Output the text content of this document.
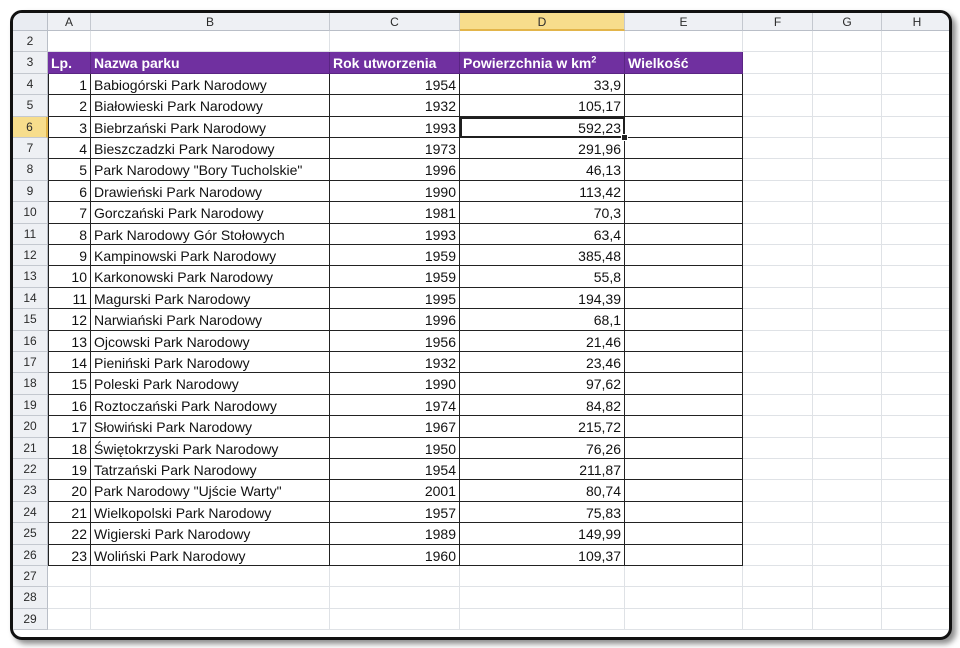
A	B	C	D	E	F	G	H
2
3	Lp.	Nazwa parku	Rok utworzenia	Powierzchnia w $km^2$	Wielkość
4	1 Babiogórski Park Narodowy	1954	33,9
5	2 Białowieski Park Narodowy	1932	105,17
6	3 Biebrzański Park Narodowy	1993	592,23
7	4 Bieszczadzki Park Narodowy	1973	291,96
8	5 Park Narodowy "Bory Tucholskie"	1996	46,13
9	6 Drawieński Park Narodowy	1990	113,42
10	7 Gorczański Park Narodowy	1981	70,3
11	8 Park Narodowy Gór Stołowych	1993	63,4
12	9 Kampinowski Park Narodowy	1959	385,48
13	10 Karkonowski Park Narodowy	1959	55,8
14	11 Magurski Park Narodowy	1995	194,39
15	12 Narwiański Park Narodowy	1996	68,1
16	13 Ojcowski Park Narodowy	1956	21,46
17	14 Pieniński Park Narodowy	1932	23,46
18	15 Poleski Park Narodowy	1990	97,62
19	16 Roztoczański Park Narodowy	1974	84,82
20	17 Słowiński Park Narodowy	1967	215,72
21	18 Świętokrzyski Park Narodowy	1950	76,26
22	19 Tatrzański Park Narodowy	1954	211,87
23	20 Park Narodowy "Ujście Warty"	2001	80,74
24	21 Wielkopolski Park Narodowy	1957	75,83
25	22 Wigierski Park Narodowy	1989	149,99
26	23 Woliński Park Narodowy	1960	109,37
27
28
29
